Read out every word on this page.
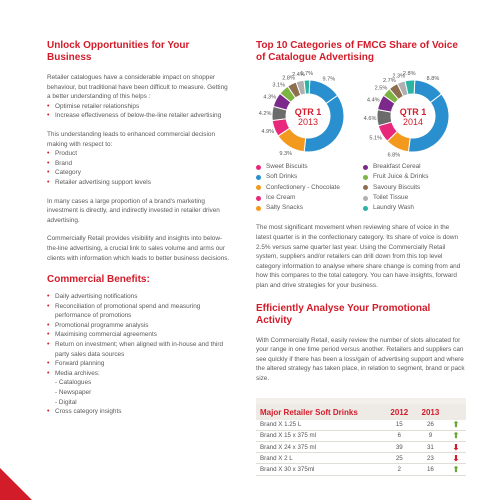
Unlock Opportunities for Your Business

Retailer catalogues have a considerable impact on shopper behaviour, but traditional have been difficult to measure. Getting a better understanding of this helps :

• Optimise retailer relationships
• Increase effectiveness of below-the-line retailer advertising

This understanding leads to enhanced commercial decision making with respect to:

• Product
• Brand
• Category
• Retailer advertising support levels

In many cases a large proportion of a brand's marketing investment is directly, and indirectly invested in retailer driven advertising.

Commercially Retail provides visibility and insights into below-the-line advertising, a crucial link to sales volume and arms our clients with information which leads to better business decisions.

Commercial Benefits:
• Daily advertising notifications
• Reconciliation of promotional spend and measuring performance of promotions
• Promotional programme analysis
• Maximising commercial agreements
• Return on investment; when aligned with in-house and third party sales data sources
• Forward planning
• Media archives:
- Catalogues
- Newspaper
- Digital
• Cross category insights
Top 10 Categories of FMCG Share of Voice of Catalogue Advertising
9.7%
9.3%
4.9%
4.2%
4.3%
3.1%
2.8%
2.4%
1.7%
QTR 1
2013
8.8%
6.8%
5.1%
4.6%
4.4%
2.5%
2.7%
2.3%
2.8%
QTR 1
2014
Sweet Biscuits	Breakfast Cereal
Soft Drinks	Fruit Juice & Drinks
Confectionery - Chocolate	Savoury Biscuits
Ice Cream	Toilet Tissue
Salty Snacks	Laundry Wash

The most significant movement when reviewing share of voice in the latest quarter is in the confectionary category. Its share of voice is down 2.5% versus same quarter last year. Using the Commercially Retail system, suppliers and/or retailers can drill down from this top level category information to analyse where share change is coming from and how this compares to the total category. You can have insights, forward plan and drive strategies for your business.

Efficiently Analyse Your Promotional Activity

With Commercially Retail, easily review the number of slots allocated for your range in one time period versus another. Retailers and suppliers can see quickly if there has been a loss/gain of advertising support and where the altered strategy has taken place, in relation to segment, brand or pack size.

Major Retailer Soft Drinks	2012	2013	
Brand X 1.25 L	15	26	⬆
Brand X 15 x 375 ml	6	9	⬆
Brand X 24 x 375 ml	39	31	⬇
Brand X 2 L	25	23	⬇
Brand X 30 x 375ml	2	16	⬆
